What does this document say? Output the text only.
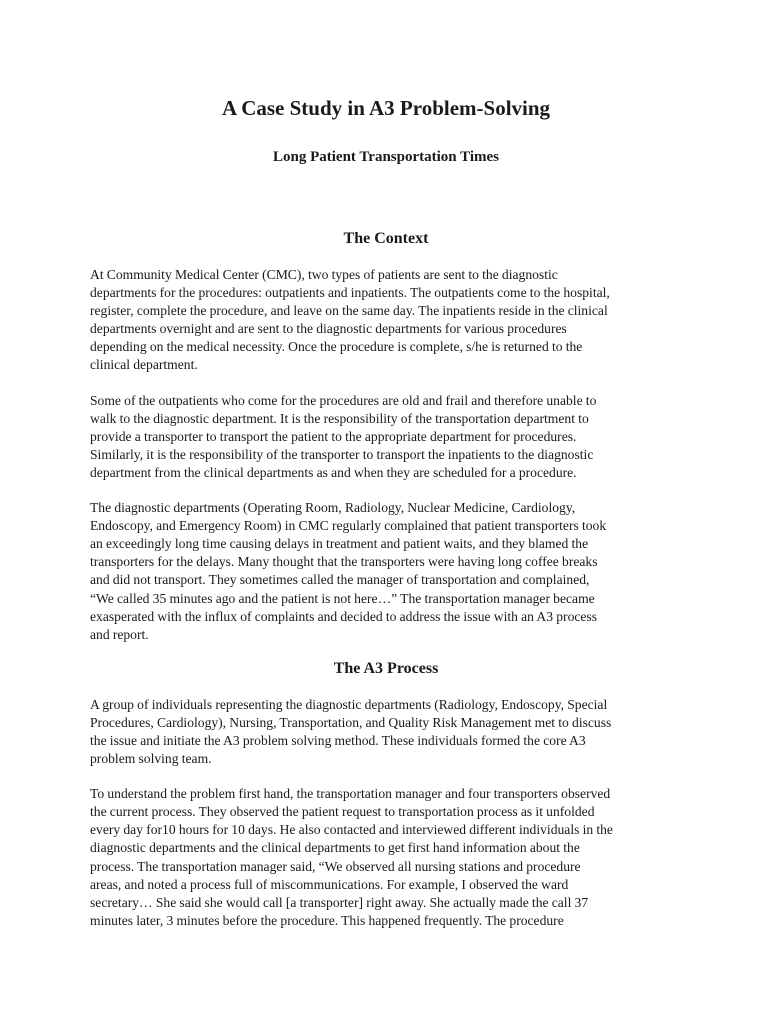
A Case Study in A3 Problem-Solving
Long Patient Transportation Times
The Context

At Community Medical Center (CMC), two types of patients are sent to the diagnostic
departments for the procedures: outpatients and inpatients. The outpatients come to the hospital,
register, complete the procedure, and leave on the same day. The inpatients reside in the clinical
departments overnight and are sent to the diagnostic departments for various procedures
depending on the medical necessity. Once the procedure is complete, s/he is returned to the
clinical department.

Some of the outpatients who come for the procedures are old and frail and therefore unable to
walk to the diagnostic department. It is the responsibility of the transportation department to
provide a transporter to transport the patient to the appropriate department for procedures.
Similarly, it is the responsibility of the transporter to transport the inpatients to the diagnostic
department from the clinical departments as and when they are scheduled for a procedure.

The diagnostic departments (Operating Room, Radiology, Nuclear Medicine, Cardiology,
Endoscopy, and Emergency Room) in CMC regularly complained that patient transporters took
an exceedingly long time causing delays in treatment and patient waits, and they blamed the
transporters for the delays. Many thought that the transporters were having long coffee breaks
and did not transport. They sometimes called the manager of transportation and complained,
“We called 35 minutes ago and the patient is not here…” The transportation manager became
exasperated with the influx of complaints and decided to address the issue with an A3 process
and report.

The A3 Process

A group of individuals representing the diagnostic departments (Radiology, Endoscopy, Special
Procedures, Cardiology), Nursing, Transportation, and Quality Risk Management met to discuss
the issue and initiate the A3 problem solving method. These individuals formed the core A3
problem solving team.

To understand the problem first hand, the transportation manager and four transporters observed
the current process. They observed the patient request to transportation process as it unfolded
every day for10 hours for 10 days. He also contacted and interviewed different individuals in the
diagnostic departments and the clinical departments to get first hand information about the
process. The transportation manager said, “We observed all nursing stations and procedure
areas, and noted a process full of miscommunications. For example, I observed the ward
secretary… She said she would call [a transporter] right away. She actually made the call 37
minutes later, 3 minutes before the procedure. This happened frequently. The procedure
